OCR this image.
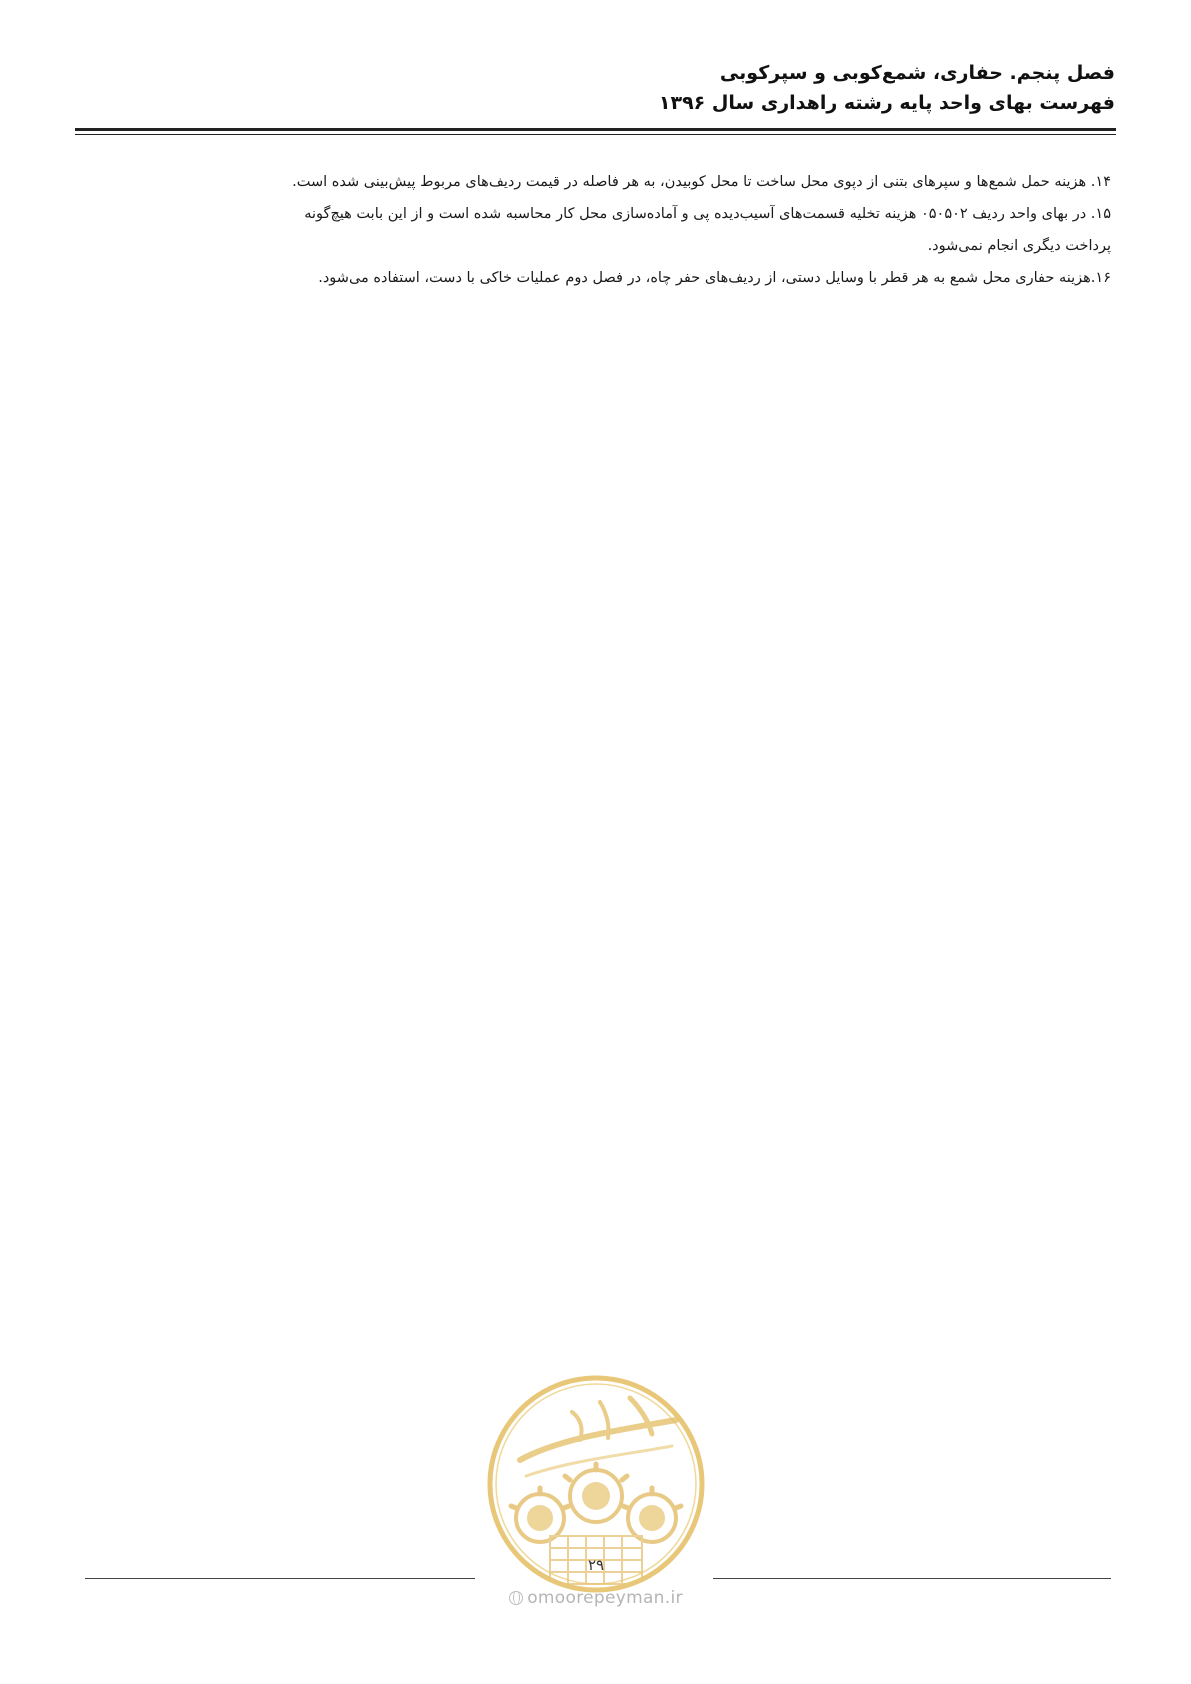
فصل پنجم. حفاری، شمع‌کوبی و سپرکوبی
فهرست بهای واحد پایه رشته راهداری سال ۱۳۹۶

۱۴. هزینه حمل شمع‌ها و سپرهای بتنی از دپوی محل ساخت تا محل کوبیدن، به هر فاصله در قیمت ردیف‌های مربوط پیش‌بینی شده است.

۱۵. در بهای واحد ردیف ۰۵۰۵۰۲ هزینه تخلیه قسمت‌های آسیب‌دیده پی و آماده‌سازی محل کار محاسبه شده است و از این بابت هیچ‌گونه

پرداخت دیگری انجام نمی‌شود.

۱۶.هزینه حفاری محل شمع به هر قطر با وسایل دستی، از ردیف‌های حفر چاه، در فصل دوم عملیات خاکی با دست، استفاده می‌شود.

۲۹
omoorepeyman.ir
